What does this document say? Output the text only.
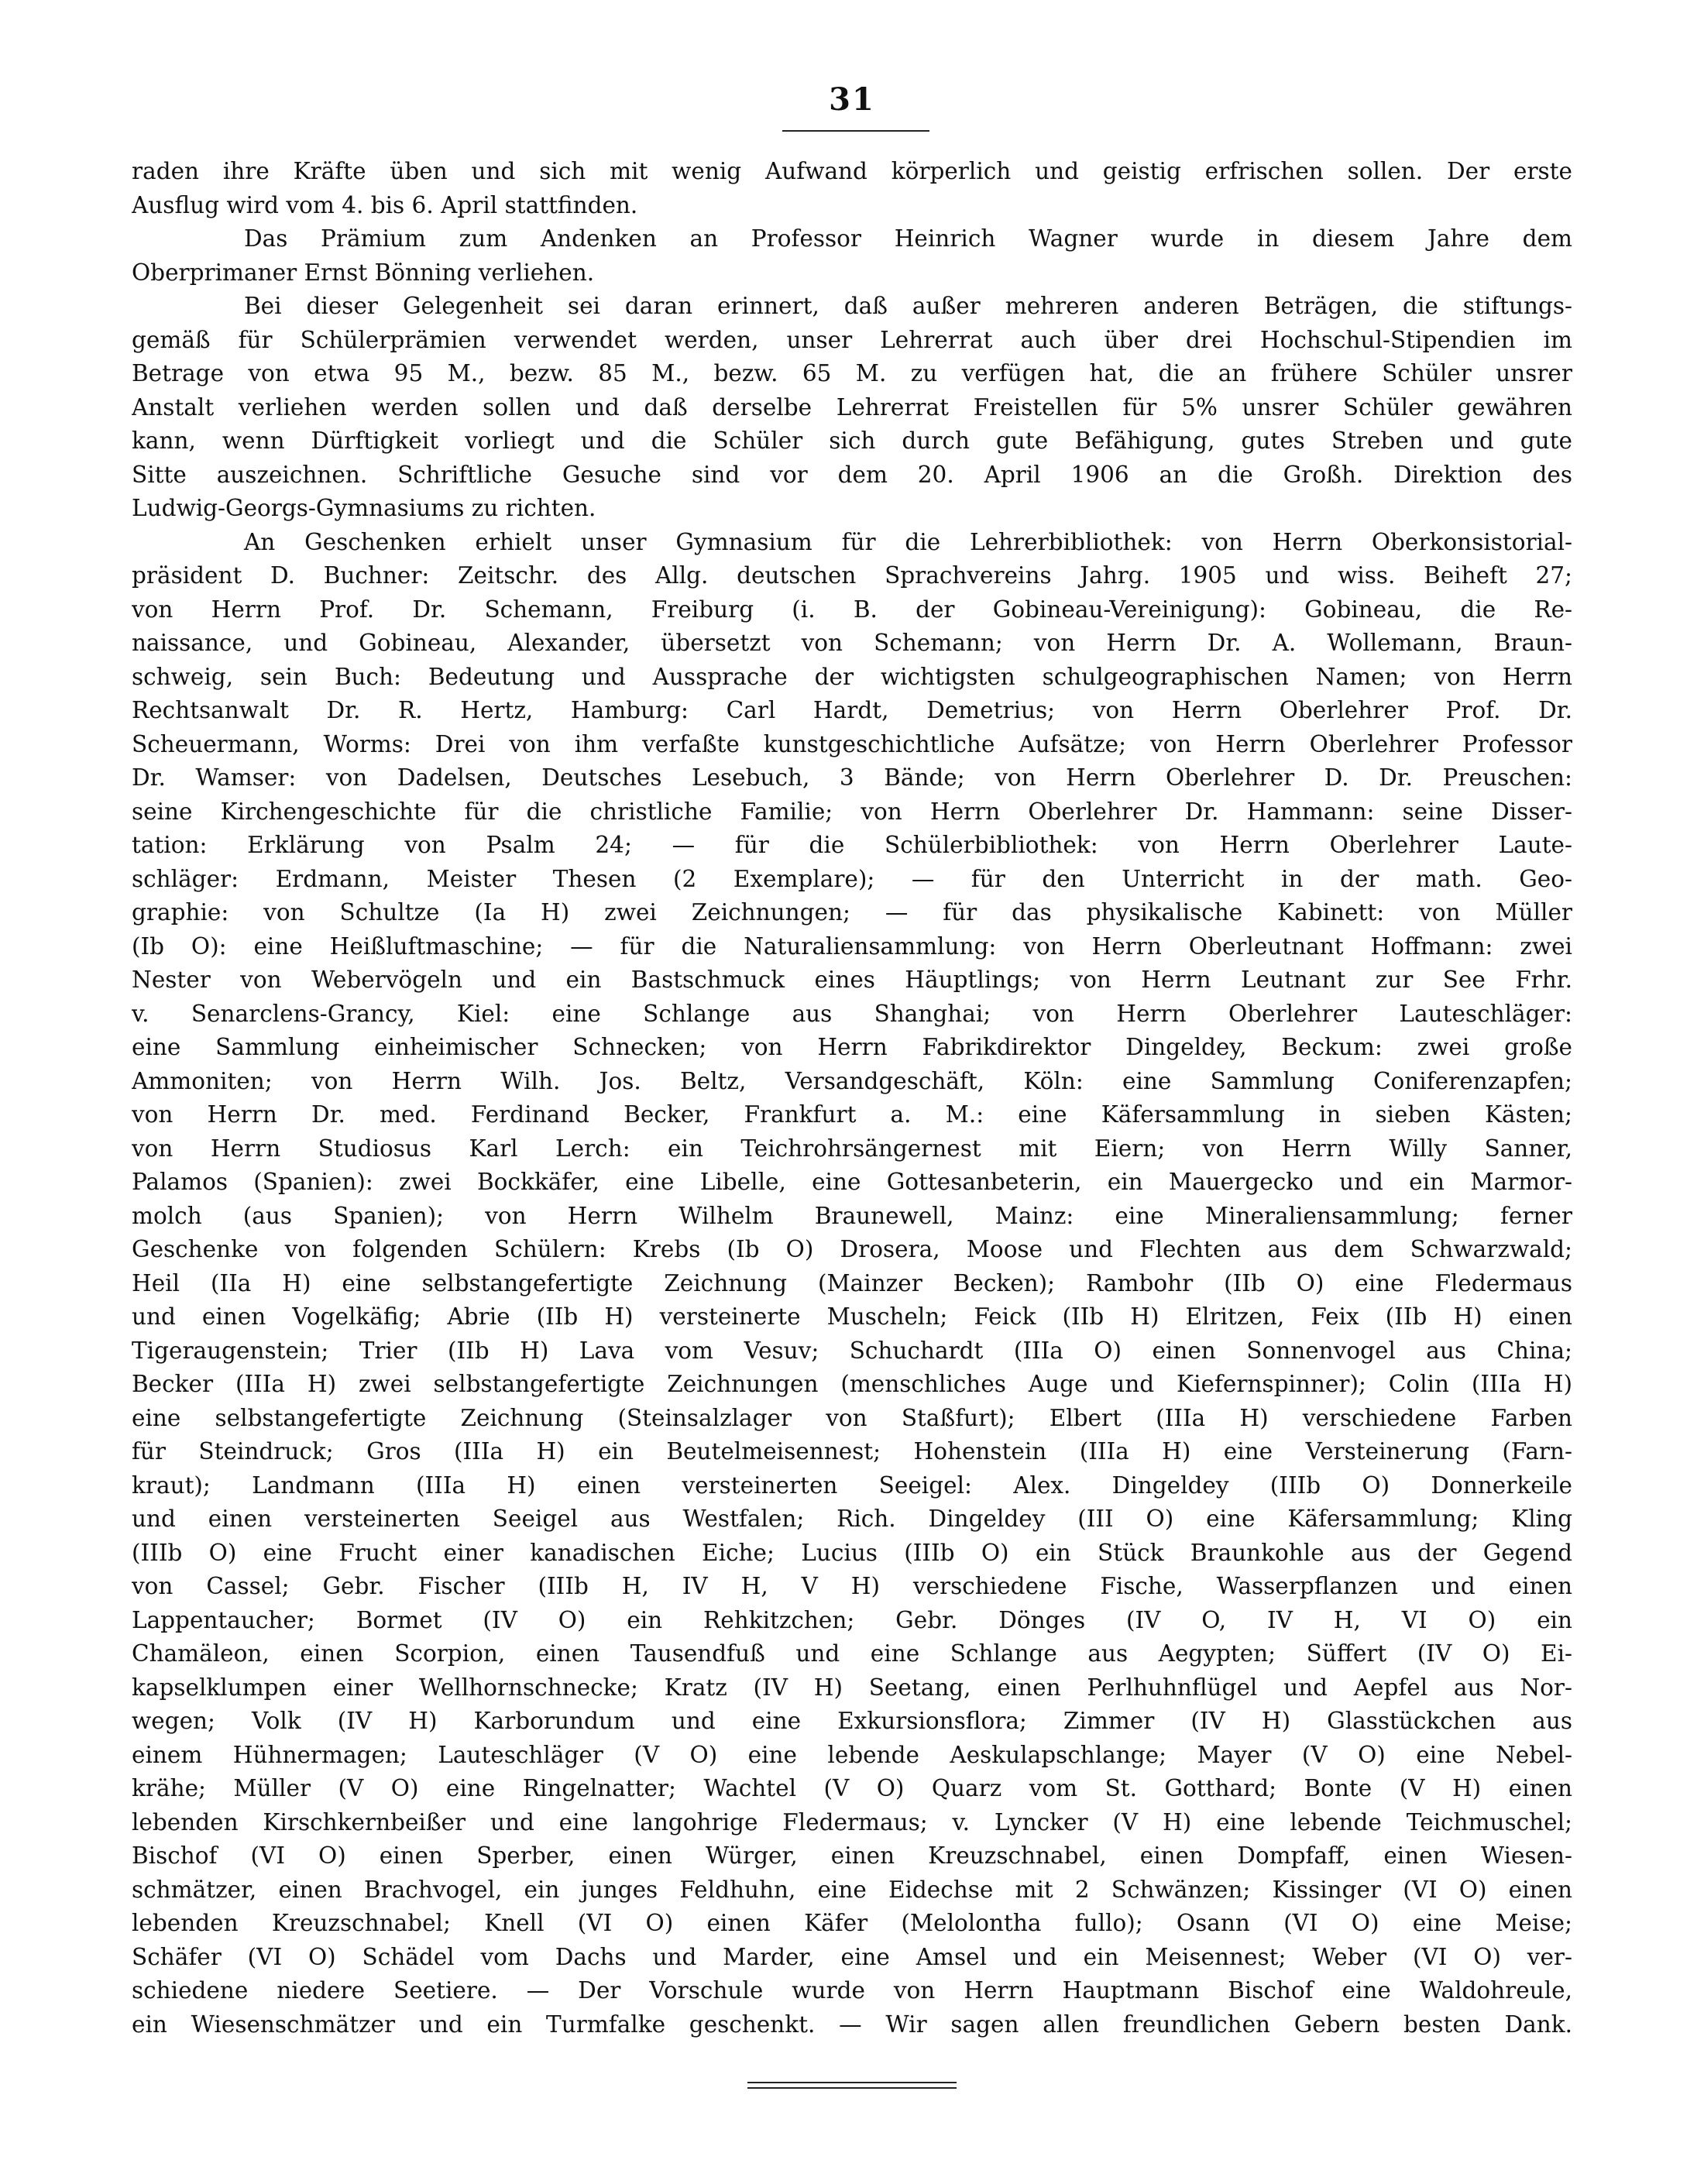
31
raden ihre Kräfte üben und sich mit wenig Aufwand körperlich und geistig erfrischen sollen. Der erste
Ausflug wird vom 4. bis 6. April stattfinden.
Das Prämium zum Andenken an Professor Heinrich Wagner wurde in diesem Jahre dem
Oberprimaner Ernst Bönning verliehen.
Bei dieser Gelegenheit sei daran erinnert, daß außer mehreren anderen Beträgen, die stiftungs-
gemäß für Schülerprämien verwendet werden, unser Lehrerrat auch über drei Hochschul-Stipendien im
Betrage von etwa 95 M., bezw. 85 M., bezw. 65 M. zu verfügen hat, die an frühere Schüler unsrer
Anstalt verliehen werden sollen und daß derselbe Lehrerrat Freistellen für 5% unsrer Schüler gewähren
kann, wenn Dürftigkeit vorliegt und die Schüler sich durch gute Befähigung, gutes Streben und gute
Sitte auszeichnen. Schriftliche Gesuche sind vor dem 20. April 1906 an die Großh. Direktion des
Ludwig-Georgs-Gymnasiums zu richten.
An Geschenken erhielt unser Gymnasium für die Lehrerbibliothek: von Herrn Oberkonsistorial-
präsident D. Buchner: Zeitschr. des Allg. deutschen Sprachvereins Jahrg. 1905 und wiss. Beiheft 27;
von Herrn Prof. Dr. Schemann, Freiburg (i. B. der Gobineau-Vereinigung): Gobineau, die Re-
naissance, und Gobineau, Alexander, übersetzt von Schemann; von Herrn Dr. A. Wollemann, Braun-
schweig, sein Buch: Bedeutung und Aussprache der wichtigsten schulgeographischen Namen; von Herrn
Rechtsanwalt Dr. R. Hertz, Hamburg: Carl Hardt, Demetrius; von Herrn Oberlehrer Prof. Dr.
Scheuermann, Worms: Drei von ihm verfaßte kunstgeschichtliche Aufsätze; von Herrn Oberlehrer Professor
Dr. Wamser: von Dadelsen, Deutsches Lesebuch, 3 Bände; von Herrn Oberlehrer D. Dr. Preuschen:
seine Kirchengeschichte für die christliche Familie; von Herrn Oberlehrer Dr. Hammann: seine Disser-
tation: Erklärung von Psalm 24; — für die Schülerbibliothek: von Herrn Oberlehrer Laute-
schläger: Erdmann, Meister Thesen (2 Exemplare); — für den Unterricht in der math. Geo-
graphie: von Schultze (Ia H) zwei Zeichnungen; — für das physikalische Kabinett: von Müller
(Ib O): eine Heißluftmaschine; — für die Naturaliensammlung: von Herrn Oberleutnant Hoffmann: zwei
Nester von Webervögeln und ein Bastschmuck eines Häuptlings; von Herrn Leutnant zur See Frhr.
v. Senarclens-Grancy, Kiel: eine Schlange aus Shanghai; von Herrn Oberlehrer Lauteschläger:
eine Sammlung einheimischer Schnecken; von Herrn Fabrikdirektor Dingeldey, Beckum: zwei große
Ammoniten; von Herrn Wilh. Jos. Beltz, Versandgeschäft, Köln: eine Sammlung Coniferenzapfen;
von Herrn Dr. med. Ferdinand Becker, Frankfurt a. M.: eine Käfersammlung in sieben Kästen;
von Herrn Studiosus Karl Lerch: ein Teichrohrsängernest mit Eiern; von Herrn Willy Sanner,
Palamos (Spanien): zwei Bockkäfer, eine Libelle, eine Gottesanbeterin, ein Mauergecko und ein Marmor-
molch (aus Spanien); von Herrn Wilhelm Braunewell, Mainz: eine Mineraliensammlung; ferner
Geschenke von folgenden Schülern: Krebs (Ib O) Drosera, Moose und Flechten aus dem Schwarzwald;
Heil (IIa H) eine selbstangefertigte Zeichnung (Mainzer Becken); Rambohr (IIb O) eine Fledermaus
und einen Vogelkäfig; Abrie (IIb H) versteinerte Muscheln; Feick (IIb H) Elritzen, Feix (IIb H) einen
Tigeraugenstein; Trier (IIb H) Lava vom Vesuv; Schuchardt (IIIa O) einen Sonnenvogel aus China;
Becker (IIIa H) zwei selbstangefertigte Zeichnungen (menschliches Auge und Kiefernspinner); Colin (IIIa H)
eine selbstangefertigte Zeichnung (Steinsalzlager von Staßfurt); Elbert (IIIa H) verschiedene Farben
für Steindruck; Gros (IIIa H) ein Beutelmeisennest; Hohenstein (IIIa H) eine Versteinerung (Farn-
kraut); Landmann (IIIa H) einen versteinerten Seeigel: Alex. Dingeldey (IIIb O) Donnerkeile
und einen versteinerten Seeigel aus Westfalen; Rich. Dingeldey (III O) eine Käfersammlung; Kling
(IIIb O) eine Frucht einer kanadischen Eiche; Lucius (IIIb O) ein Stück Braunkohle aus der Gegend
von Cassel; Gebr. Fischer (IIIb H, IV H, V H) verschiedene Fische, Wasserpflanzen und einen
Lappentaucher; Bormet (IV O) ein Rehkitzchen; Gebr. Dönges (IV O, IV H, VI O) ein
Chamäleon, einen Scorpion, einen Tausendfuß und eine Schlange aus Aegypten; Süffert (IV O) Ei-
kapselklumpen einer Wellhornschnecke; Kratz (IV H) Seetang, einen Perlhuhnflügel und Aepfel aus Nor-
wegen; Volk (IV H) Karborundum und eine Exkursionsflora; Zimmer (IV H) Glasstückchen aus
einem Hühnermagen; Lauteschläger (V O) eine lebende Aeskulapschlange; Mayer (V O) eine Nebel-
krähe; Müller (V O) eine Ringelnatter; Wachtel (V O) Quarz vom St. Gotthard; Bonte (V H) einen
lebenden Kirschkernbeißer und eine langohrige Fledermaus; v. Lyncker (V H) eine lebende Teichmuschel;
Bischof (VI O) einen Sperber, einen Würger, einen Kreuzschnabel, einen Dompfaff, einen Wiesen-
schmätzer, einen Brachvogel, ein junges Feldhuhn, eine Eidechse mit 2 Schwänzen; Kissinger (VI O) einen
lebenden Kreuzschnabel; Knell (VI O) einen Käfer (Melolontha fullo); Osann (VI O) eine Meise;
Schäfer (VI O) Schädel vom Dachs und Marder, eine Amsel und ein Meisennest; Weber (VI O) ver-
schiedene niedere Seetiere. — Der Vorschule wurde von Herrn Hauptmann Bischof eine Waldohreule,
ein Wiesenschmätzer und ein Turmfalke geschenkt. — Wir sagen allen freundlichen Gebern besten Dank.
